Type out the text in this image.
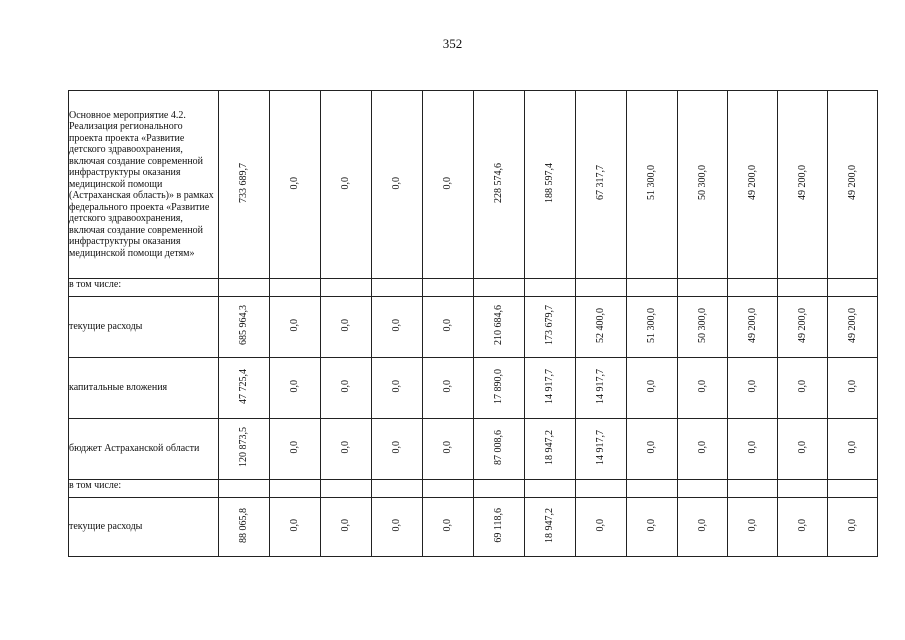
352
Основное мероприятие 4.2. Реализация регионального проекта проекта «Развитие детского здравоохранения, включая создание современной инфраструктуры оказания медицинской помощи (Астраханская область)» в рамках федерального проекта «Развитие детского здравоохранения, включая создание современной инфраструктуры оказания медицинской помощи детям»	733 689,7	0,0	0,0	0,0	0,0	228 574,6	188 597,4	67 317,7	51 300,0	50 300,0	49 200,0	49 200,0	49 200,0
в том числе:													
текущие расходы	685 964,3	0,0	0,0	0,0	0,0	210 684,6	173 679,7	52 400,0	51 300,0	50 300,0	49 200,0	49 200,0	49 200,0
капитальные вложения	47 725,4	0,0	0,0	0,0	0,0	17 890,0	14 917,7	14 917,7	0,0	0,0	0,0	0,0	0,0
бюджет Астраханской области	120 873,5	0,0	0,0	0,0	0,0	87 008,6	18 947,2	14 917,7	0,0	0,0	0,0	0,0	0,0
в том числе:													
текущие расходы	88 065,8	0,0	0,0	0,0	0,0	69 118,6	18 947,2	0,0	0,0	0,0	0,0	0,0	0,0
